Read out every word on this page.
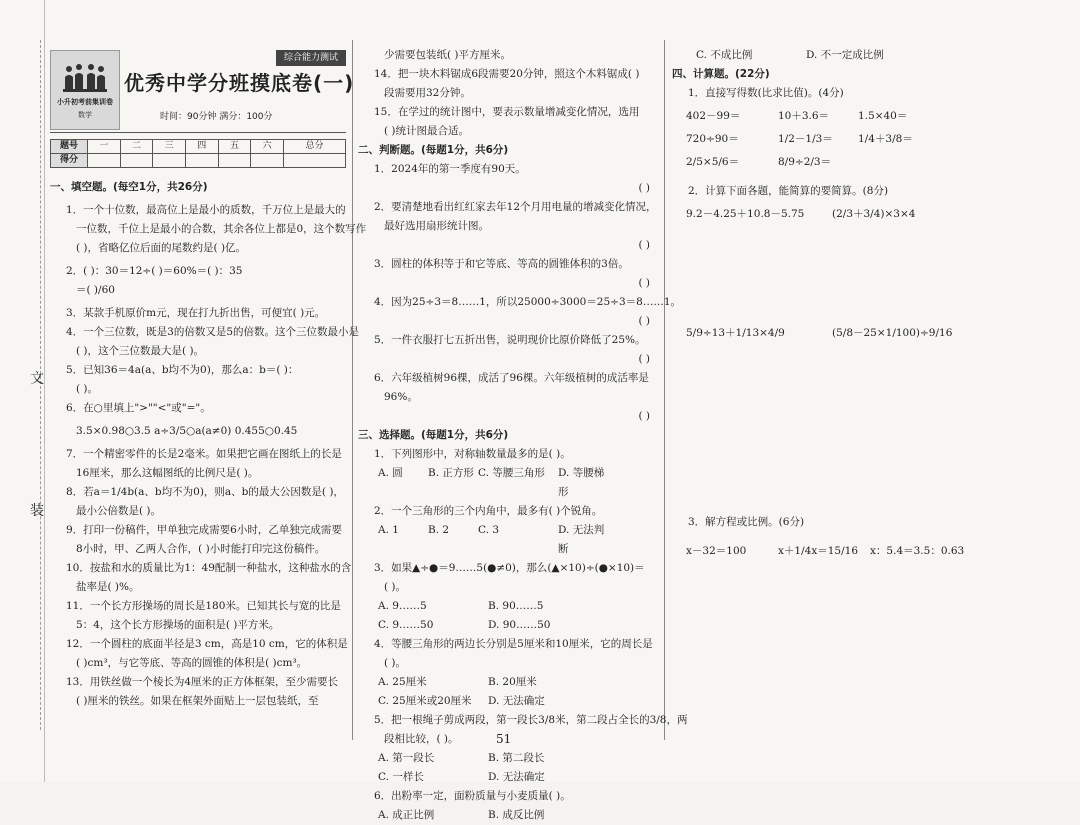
文
装
小升初考前集训卷
数学
综合能力测试
优秀中学分班摸底卷(一)
时间：90分钟 满分：100分
题号	一	二	三	四	五	六	总分
得分							
一、填空题。(每空1分，共26分)
1．一个十位数，最高位上是最小的质数，千万位上是最大的
一位数，千位上是最小的合数，其余各位上都是0，这个数写作
( )，省略亿位后面的尾数约是( )亿。
2．( )：30＝12÷( )＝60%＝( )：35
＝( )/60
3．某款手机原价m元，现在打九折出售，可便宜( )元。
4．一个三位数，既是3的倍数又是5的倍数。这个三位数最小是
( )，这个三位数最大是( )。
5．已知36＝4a(a、b均不为0)，那么a：b＝( )：
( )。
6．在○里填上">""<"或"="。
3.5×0.98○3.5 a÷3/5○a(a≠0) 0.455○0.45
7．一个精密零件的长是2毫米。如果把它画在图纸上的长是
16厘米，那么这幅图纸的比例尺是( )。
8．若a＝1/4b(a、b均不为0)，则a、b的最大公因数是( )，
最小公倍数是( )。
9．打印一份稿件，甲单独完成需要6小时，乙单独完成需要
8小时，甲、乙两人合作，( )小时能打印完这份稿件。
10．按盐和水的质量比为1：49配制一种盐水，这种盐水的含
盐率是( )%。
11．一个长方形操场的周长是180米。已知其长与宽的比是
5：4，这个长方形操场的面积是( )平方米。
12．一个圆柱的底面半径是3 cm，高是10 cm，它的体积是
( )cm³，与它等底、等高的圆锥的体积是( )cm³。
13．用铁丝做一个棱长为4厘米的正方体框架，至少需要长
( )厘米的铁丝。如果在框架外面贴上一层包装纸，至
少需要包装纸( )平方厘米。
14．把一块木料锯成6段需要20分钟，照这个木料锯成( )
段需要用32分钟。
15．在学过的统计图中，要表示数量增减变化情况，选用
( )统计图最合适。
二、判断题。(每题1分，共6分)
1．2024年的第一季度有90天。
( )
2．要清楚地看出红红家去年12个月用电量的增减变化情况，
最好选用扇形统计图。
( )
3．圆柱的体积等于和它等底、等高的圆锥体积的3倍。
( )
4．因为25÷3＝8……1，所以25000÷3000＝25÷3＝8……1。
( )
5．一件衣服打七五折出售，说明现价比原价降低了25%。
( )
6．六年级植树96棵，成活了96棵。六年级植树的成活率是
96%。
( )
三、选择题。(每题1分，共6分)
1．下列图形中，对称轴数量最多的是( )。
A. 圆	B. 正方形 C. 等腰三角形	D. 等腰梯形
2．一个三角形的三个内角中，最多有( )个锐角。
A. 1	B. 2	C. 3	D. 无法判断
3．如果▲÷●＝9……5(●≠0)，那么(▲×10)÷(●×10)＝
( )。
A. 9……5	B. 90……5
C. 9……50	D. 90……50
4．等腰三角形的两边长分别是5厘米和10厘米，它的周长是
( )。
A. 25厘米	B. 20厘米
C. 25厘米或20厘米	D. 无法确定
5．把一根绳子剪成两段，第一段长3/8米，第二段占全长的3/8，两
段相比较，( )。
A. 第一段长	B. 第二段长
C. 一样长	D. 无法确定
6．出粉率一定，面粉质量与小麦质量( )。
A. 成正比例	B. 成反比例
C. 不成比例	D. 不一定成比例
四、计算题。(22分)
1．直接写得数(比求比值)。(4分)
402－99＝	10＋3.6＝	1.5×40＝
720÷90＝	1/2－1/3＝	1/4＋3/8＝
2/5×5/6＝	8/9÷2/3＝
2．计算下面各题，能简算的要简算。(8分)
9.2－4.25＋10.8－5.75	(2/3＋3/4)×3×4
5/9÷13＋1/13×4/9	(5/8－25×1/100)÷9/16
3．解方程或比例。(6分)
x－32＝100	x＋1/4x＝15/16	x：5.4＝3.5：0.63
51
